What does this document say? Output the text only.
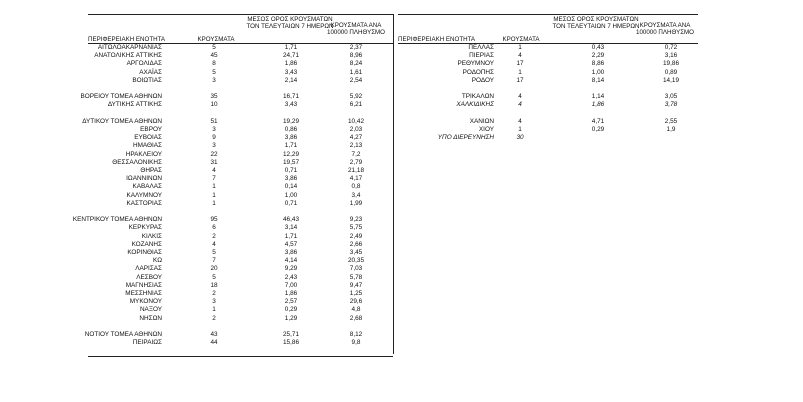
ΜΕΣΟΣ ΟΡΟΣ ΚΡΟΥΣΜΑΤΩΝ ΤΟΝ ΤΕΛΕΥΤΑΙΩΝ 7 ΗΜΕΡΩΝ
ΚΡΟΥΣΜΑΤΑ ΑΝΑ 100000 ΠΛΗΘΥΣΜΟ
ΠΕΡΙΦΕΡΕΙΑΚΗ ΕΝΟΤΗΤΑ	ΚΡΟΥΣΜΑΤΑ
ΑΙΤΩΛΟΑΚΑΡΝΑΝΙΑΣ	5	1,71	2,37
ΑΝΑΤΟΛΙΚΗΣ ΑΤΤΙΚΗΣ	45	24,71	8,96
ΑΡΓΟΛΙΔΑΣ	8	1,86	8,24
ΑΧΑΪΑΣ	5	3,43	1,61
ΒΟΙΩΤΙΑΣ	3	2,14	2,54
ΒΟΡΕΙΟΥ ΤΟΜΕΑ ΑΘΗΝΩΝ	35	16,71	5,92
ΔΥΤΙΚΗΣ ΑΤΤΙΚΗΣ	10	3,43	6,21
ΔΥΤΙΚΟΥ ΤΟΜΕΑ ΑΘΗΝΩΝ	51	19,29	10,42
ΕΒΡΟΥ	3	0,86	2,03
ΕΥΒΟΙΑΣ	9	3,86	4,27
ΗΜΑΘΙΑΣ	3	1,71	2,13
ΗΡΑΚΛΕΙΟΥ	22	12,29	7,2
ΘΕΣΣΑΛΟΝΙΚΗΣ	31	19,57	2,79
ΘΗΡΑΣ	4	0,71	21,18
ΙΩΑΝΝΙΝΩΝ	7	3,86	4,17
ΚΑΒΑΛΑΣ	1	0,14	0,8
ΚΑΛΥΜΝΟΥ	1	1,00	3,4
ΚΑΣΤΟΡΙΑΣ	1	0,71	1,99
ΚΕΝΤΡΙΚΟΥ ΤΟΜΕΑ ΑΘΗΝΩΝ	95	46,43	9,23
ΚΕΡΚΥΡΑΣ	6	3,14	5,75
ΚΙΛΚΙΣ	2	1,71	2,49
ΚΟΖΑΝΗΣ	4	4,57	2,66
ΚΟΡΙΝΘΙΑΣ	5	3,86	3,45
ΚΩ	7	4,14	20,35
ΛΑΡΙΣΑΣ	20	9,29	7,03
ΛΕΣΒΟΥ	5	2,43	5,78
ΜΑΓΝΗΣΙΑΣ	18	7,00	9,47
ΜΕΣΣΗΝΙΑΣ	2	1,86	1,25
ΜΥΚΟΝΟΥ	3	2,57	29,6
ΝΑΞΟΥ	1	0,29	4,8
ΝΗΣΩΝ	2	1,29	2,68
ΝΟΤΙΟΥ ΤΟΜΕΑ ΑΘΗΝΩΝ	43	25,71	8,12
ΠΕΙΡΑΙΩΣ	44	15,86	9,8
ΜΕΣΟΣ ΟΡΟΣ ΚΡΟΥΣΜΑΤΩΝ ΤΟΝ ΤΕΛΕΥΤΑΙΩΝ 7 ΗΜΕΡΩΝ ΚΡΟΥΣΜΑΤΑ ΑΝΑ 100000 ΠΛΗΘΥΣΜΟ
ΠΕΡΙΦΕΡΕΙΑΚΗ ΕΝΟΤΗΤΑ	ΚΡΟΥΣΜΑΤΑ
ΠΕΛΛΑΣ	1	0,43	0,72
ΠΙΕΡΙΑΣ	4	2,29	3,16
ΡΕΘΥΜΝΟΥ	17	8,86	19,86
ΡΟΔΟΠΗΣ	1	1,00	0,89
ΡΟΔΟΥ	17	8,14	14,19
ΤΡΙΚΑΛΩΝ	4	1,14	3,05
ΧΑΛΚΙΔΙΚΗΣ	4	1,86	3,78
ΧΑΝΙΩΝ	4	4,71	2,55
ΧΙΟΥ	1	0,29	1,9
ΥΠΟ ΔΙΕΡΕΥΝΗΣΗ	30
